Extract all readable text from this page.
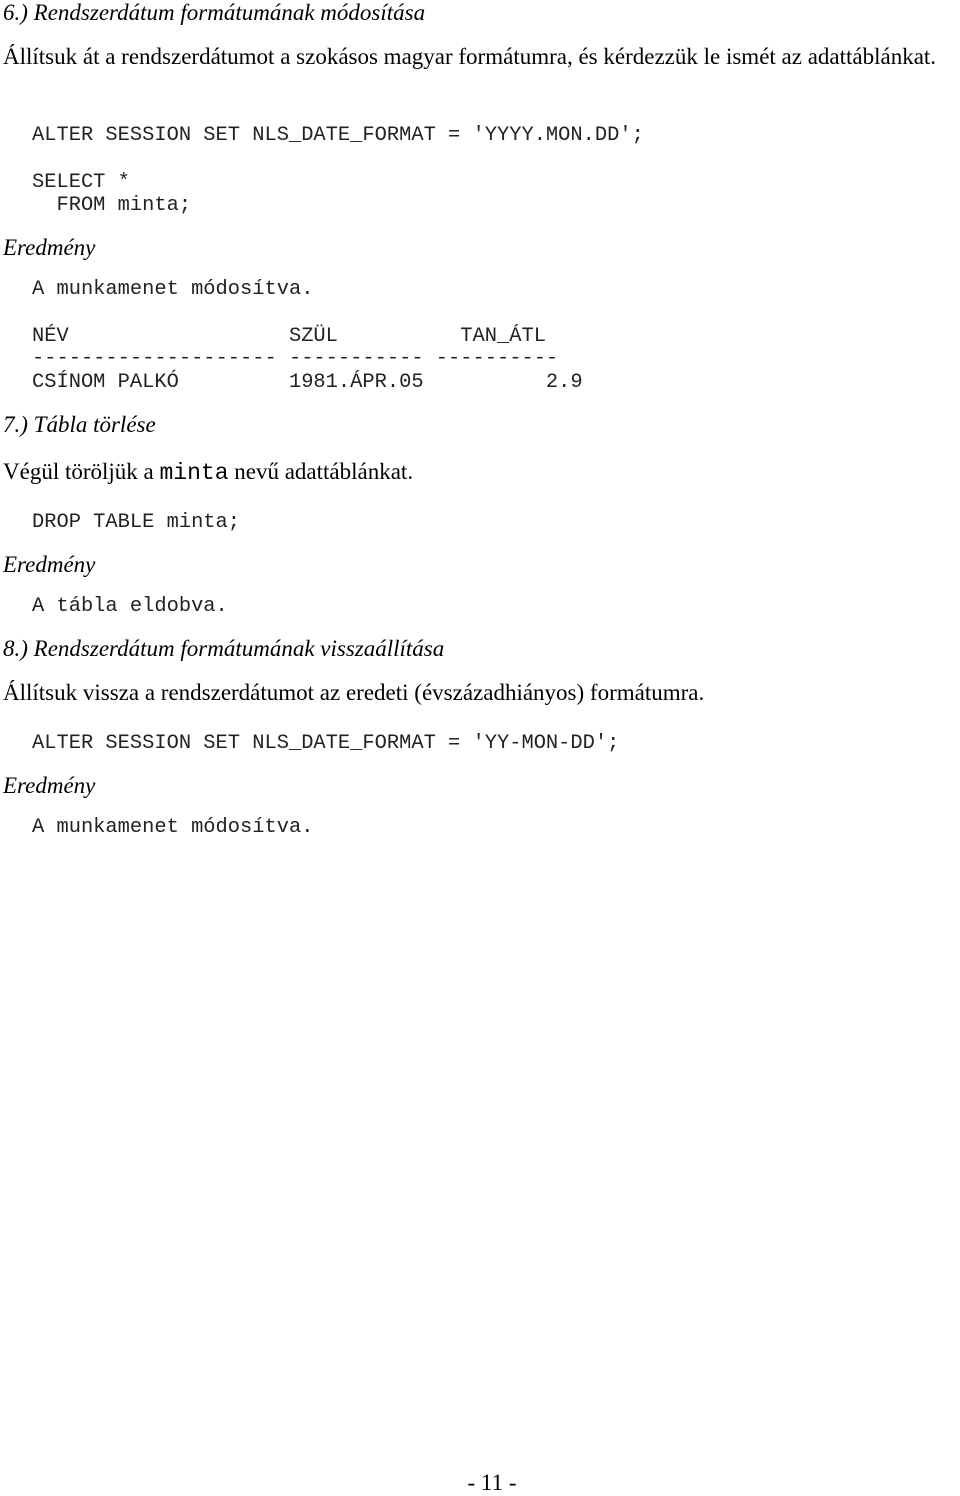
6.) Rendszerdátum formátumának módosítása

Állítsuk át a rendszerdátumot a szokásos magyar formátumra, és kérdezzük le ismét az adattáblánkat.

ALTER SESSION SET NLS_DATE_FORMAT = 'YYYY.MON.DD';
SELECT *
FROM minta;
Eredmény
A munkamenet módosítva.
NÉV                  SZÜL          TAN_ÁTL
-------------------- ----------- ----------
CSÍNOM PALKÓ         1981.ÁPR.05          2.9
7.) Tábla törlése
Végül töröljük a minta nevű adattáblánkat.
DROP TABLE minta;
Eredmény
A tábla eldobva.
8.) Rendszerdátum formátumának visszaállítása
Állítsuk vissza a rendszerdátumot az eredeti (évszázadhiányos) formátumra.
ALTER SESSION SET NLS_DATE_FORMAT = 'YY-MON-DD';
Eredmény
A munkamenet módosítva.
- 11 -
